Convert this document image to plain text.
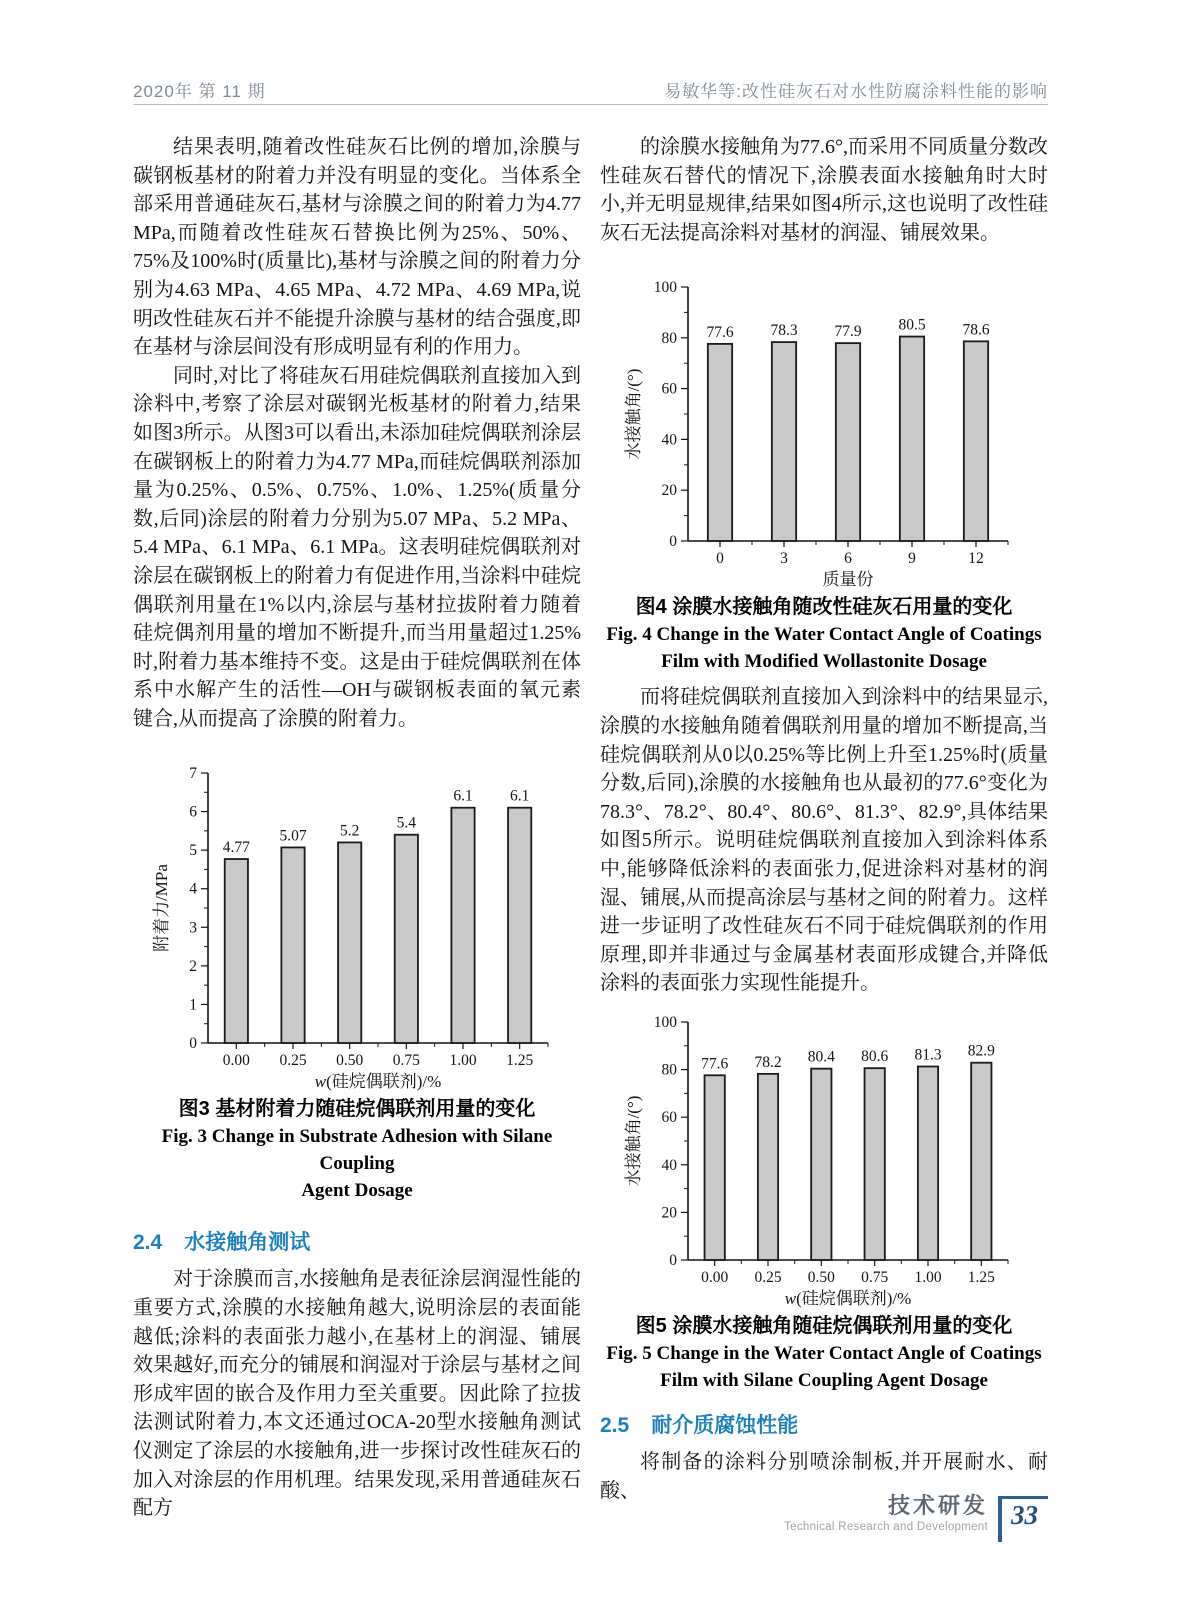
2020年 第 11 期	易敏华等:改性硅灰石对水性防腐涂料性能的影响

结果表明,随着改性硅灰石比例的增加,涂膜与碳钢板基材的附着力并没有明显的变化。当体系全部采用普通硅灰石,基材与涂膜之间的附着力为4.77 MPa,而随着改性硅灰石替换比例为25%、50%、75%及100%时(质量比),基材与涂膜之间的附着力分别为4.63 MPa、4.65 MPa、4.72 MPa、4.69 MPa,说明改性硅灰石并不能提升涂膜与基材的结合强度,即在基材与涂层间没有形成明显有利的作用力。

同时,对比了将硅灰石用硅烷偶联剂直接加入到涂料中,考察了涂层对碳钢光板基材的附着力,结果如图3所示。从图3可以看出,未添加硅烷偶联剂涂层在碳钢板上的附着力为4.77 MPa,而硅烷偶联剂添加量为0.25%、0.5%、0.75%、1.0%、1.25%(质量分数,后同)涂层的附着力分别为5.07 MPa、5.2 MPa、5.4 MPa、6.1 MPa、6.1 MPa。这表明硅烷偶联剂对涂层在碳钢板上的附着力有促进作用,当涂料中硅烷偶联剂用量在1%以内,涂层与基材拉拔附着力随着硅烷偶剂用量的增加不断提升,而当用量超过1.25%时,附着力基本维持不变。这是由于硅烷偶联剂在体系中水解产生的活性—OH与碳钢板表面的氧元素键合,从而提高了涂膜的附着力。

0
1
2
3
4
5
6
7
4.77
0.00
5.07
0.25
5.2
0.50
5.4
0.75
6.1
1.00
6.1
1.25
附着力/MPa
w(硅烷偶联剂)/%
图3 基材附着力随硅烷偶联剂用量的变化
Fig. 3 Change in Substrate Adhesion with Silane Coupling
Agent Dosage
2.4 水接触角测试

对于涂膜而言,水接触角是表征涂层润湿性能的重要方式,涂膜的水接触角越大,说明涂层的表面能越低;涂料的表面张力越小,在基材上的润湿、铺展效果越好,而充分的铺展和润湿对于涂层与基材之间形成牢固的嵌合及作用力至关重要。因此除了拉拔法测试附着力,本文还通过OCA-20型水接触角测试仪测定了涂层的水接触角,进一步探讨改性硅灰石的加入对涂层的作用机理。结果发现,采用普通硅灰石配方

的涂膜水接触角为77.6°,而采用不同质量分数改性硅灰石替代的情况下,涂膜表面水接触角时大时小,并无明显规律,结果如图4所示,这也说明了改性硅灰石无法提高涂料对基材的润湿、铺展效果。

0
20
40
60
80
100
77.6
0
78.3
3
77.9
6
80.5
9
78.6
12
水接触角/(°)
质量份
图4 涂膜水接触角随改性硅灰石用量的变化
Fig. 4 Change in the Water Contact Angle of Coatings
Film with Modified Wollastonite Dosage

而将硅烷偶联剂直接加入到涂料中的结果显示,涂膜的水接触角随着偶联剂用量的增加不断提高,当硅烷偶联剂从0以0.25%等比例上升至1.25%时(质量分数,后同),涂膜的水接触角也从最初的77.6°变化为78.3°、78.2°、80.4°、80.6°、81.3°、82.9°,具体结果如图5所示。说明硅烷偶联剂直接加入到涂料体系中,能够降低涂料的表面张力,促进涂料对基材的润湿、铺展,从而提高涂层与基材之间的附着力。这样进一步证明了改性硅灰石不同于硅烷偶联剂的作用原理,即并非通过与金属基材表面形成键合,并降低涂料的表面张力实现性能提升。

0
20
40
60
80
100
77.6
0.00
78.2
0.25
80.4
0.50
80.6
0.75
81.3
1.00
82.9
1.25
水接触角/(°)
w(硅烷偶联剂)/%
图5 涂膜水接触角随硅烷偶联剂用量的变化
Fig. 5 Change in the Water Contact Angle of Coatings
Film with Silane Coupling Agent Dosage
2.5 耐介质腐蚀性能

将制备的涂料分别喷涂制板,并开展耐水、耐酸、

技术研发
Technical Research and Development 33
